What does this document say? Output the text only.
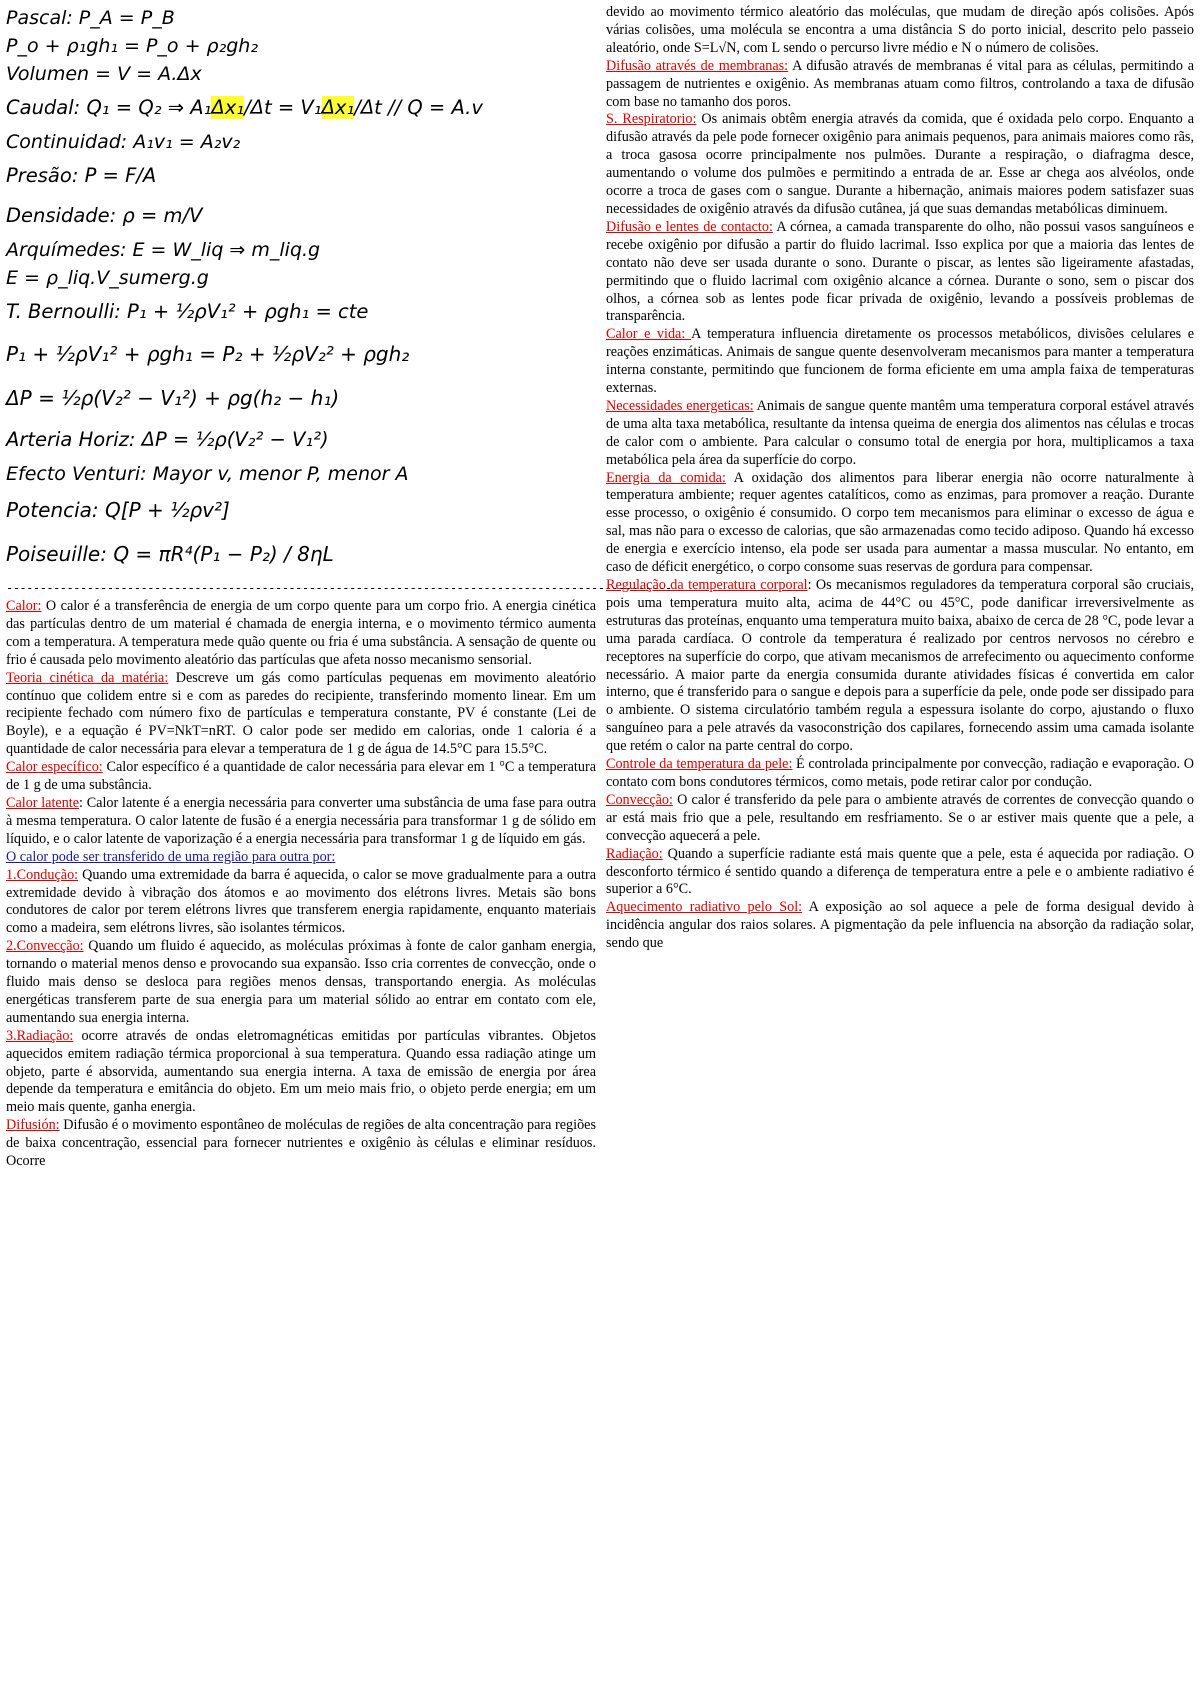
Pascal: P_A = P_B
P_o + ρ₁gh₁ = P_o + ρ₂gh₂
Volumen = V = A.Δx
Caudal: Q₁ = Q₂ ⇒ A₁Δx₁/Δt = V₁Δx₁/Δt // Q = A.v
Continuidad: A₁v₁ = A₂v₂
Presão: P = F/A
Densidade: ρ = m/V
Arquímedes: E = W_liq ⇒ m_liq.g
E = ρ_liq.V_sumerg.g
T. Bernoulli: P₁ + ½ρV₁² + ρgh₁ = cte
P₁ + ½ρV₁² + ρgh₁ = P₂ + ½ρV₂² + ρgh₂
ΔP = ½ρ(V₂² − V₁²) + ρg(h₂ − h₁)
Arteria Horiz: ΔP = ½ρ(V₂² − V₁²)
Efecto Venturi: Mayor v, menor P, menor A
Potencia: Q[P + ½ρv²]
Poiseuille: Q = πR⁴(P₁ − P₂) / 8ηL
---------------------------------------------------------------------------------------------------

Calor: O calor é a transferência de energia de um corpo quente para um corpo frio. A energia cinética das partículas dentro de um material é chamada de energia interna, e o movimento térmico aumenta com a temperatura. A temperatura mede quão quente ou fria é uma substância. A sensação de quente ou frio é causada pelo movimento aleatório das partículas que afeta nosso mecanismo sensorial.

Teoria cinética da matéria: Descreve um gás como partículas pequenas em movimento aleatório contínuo que colidem entre si e com as paredes do recipiente, transferindo momento linear. Em um recipiente fechado com número fixo de partículas e temperatura constante, PV é constante (Lei de Boyle), e a equação é PV=NkT=nRT. O calor pode ser medido em calorias, onde 1 caloria é a quantidade de calor necessária para elevar a temperatura de 1 g de água de 14.5°C para 15.5°C.

Calor específico: Calor específico é a quantidade de calor necessária para elevar em 1 °C a temperatura de 1 g de uma substância.

Calor latente: Calor latente é a energia necessária para converter uma substância de uma fase para outra à mesma temperatura. O calor latente de fusão é a energia necessária para transformar 1 g de sólido em líquido, e o calor latente de vaporização é a energia necessária para transformar 1 g de líquido em gás.

O calor pode ser transferido de uma região para outra por:

1.Condução: Quando uma extremidade da barra é aquecida, o calor se move gradualmente para a outra extremidade devido à vibração dos átomos e ao movimento dos elétrons livres. Metais são bons condutores de calor por terem elétrons livres que transferem energia rapidamente, enquanto materiais como a madeira, sem elétrons livres, são isolantes térmicos.

2.Convecção: Quando um fluido é aquecido, as moléculas próximas à fonte de calor ganham energia, tornando o material menos denso e provocando sua expansão. Isso cria correntes de convecção, onde o fluido mais denso se desloca para regiões menos densas, transportando energia. As moléculas energéticas transferem parte de sua energia para um material sólido ao entrar em contato com ele, aumentando sua energia interna.

3.Radiação: ocorre através de ondas eletromagnéticas emitidas por partículas vibrantes. Objetos aquecidos emitem radiação térmica proporcional à sua temperatura. Quando essa radiação atinge um objeto, parte é absorvida, aumentando sua energia interna. A taxa de emissão de energia por área depende da temperatura e emitância do objeto. Em um meio mais frio, o objeto perde energia; em um meio mais quente, ganha energia.

Difusión: Difusão é o movimento espontâneo de moléculas de regiões de alta concentração para regiões de baixa concentração, essencial para fornecer nutrientes e oxigênio às células e eliminar resíduos. Ocorre

devido ao movimento térmico aleatório das moléculas, que mudam de direção após colisões. Após várias colisões, uma molécula se encontra a uma distância S do porto inicial, descrito pelo passeio aleatório, onde S=L√N, com L sendo o percurso livre médio e N o número de colisões.

Difusão através de membranas: A difusão através de membranas é vital para as células, permitindo a passagem de nutrientes e oxigênio. As membranas atuam como filtros, controlando a taxa de difusão com base no tamanho dos poros.

S. Respiratorio: Os animais obtêm energia através da comida, que é oxidada pelo corpo. Enquanto a difusão através da pele pode fornecer oxigênio para animais pequenos, para animais maiores como rãs, a troca gasosa ocorre principalmente nos pulmões. Durante a respiração, o diafragma desce, aumentando o volume dos pulmões e permitindo a entrada de ar. Esse ar chega aos alvéolos, onde ocorre a troca de gases com o sangue. Durante a hibernação, animais maiores podem satisfazer suas necessidades de oxigênio através da difusão cutânea, já que suas demandas metabólicas diminuem.

Difusão e lentes de contacto: A córnea, a camada transparente do olho, não possui vasos sanguíneos e recebe oxigênio por difusão a partir do fluido lacrimal. Isso explica por que a maioria das lentes de contato não deve ser usada durante o sono. Durante o piscar, as lentes são ligeiramente afastadas, permitindo que o fluido lacrimal com oxigênio alcance a córnea. Durante o sono, sem o piscar dos olhos, a córnea sob as lentes pode ficar privada de oxigênio, levando a possíveis problemas de transparência.

Calor e vida: A temperatura influencia diretamente os processos metabólicos, divisões celulares e reações enzimáticas. Animais de sangue quente desenvolveram mecanismos para manter a temperatura interna constante, permitindo que funcionem de forma eficiente em uma ampla faixa de temperaturas externas.

Necessidades energeticas: Animais de sangue quente mantêm uma temperatura corporal estável através de uma alta taxa metabólica, resultante da intensa queima de energia dos alimentos nas células e trocas de calor com o ambiente. Para calcular o consumo total de energia por hora, multiplicamos a taxa metabólica pela área da superfície do corpo.

Energia da comida: A oxidação dos alimentos para liberar energia não ocorre naturalmente à temperatura ambiente; requer agentes catalíticos, como as enzimas, para promover a reação. Durante esse processo, o oxigênio é consumido. O corpo tem mecanismos para eliminar o excesso de água e sal, mas não para o excesso de calorias, que são armazenadas como tecido adiposo. Quando há excesso de energia e exercício intenso, ela pode ser usada para aumentar a massa muscular. No entanto, em caso de déficit energético, o corpo consome suas reservas de gordura para compensar.

Regulação da temperatura corporal: Os mecanismos reguladores da temperatura corporal são cruciais, pois uma temperatura muito alta, acima de 44°C ou 45°C, pode danificar irreversivelmente as estruturas das proteínas, enquanto uma temperatura muito baixa, abaixo de cerca de 28 °C, pode levar a uma parada cardíaca. O controle da temperatura é realizado por centros nervosos no cérebro e receptores na superfície do corpo, que ativam mecanismos de arrefecimento ou aquecimento conforme necessário. A maior parte da energia consumida durante atividades físicas é convertida em calor interno, que é transferido para o sangue e depois para a superfície da pele, onde pode ser dissipado para o ambiente. O sistema circulatório também regula a espessura isolante do corpo, ajustando o fluxo sanguíneo para a pele através da vasoconstrição dos capilares, fornecendo assim uma camada isolante que retém o calor na parte central do corpo.

Controle da temperatura da pele: É controlada principalmente por convecção, radiação e evaporação. O contato com bons condutores térmicos, como metais, pode retirar calor por condução.

Convecção: O calor é transferido da pele para o ambiente através de correntes de convecção quando o ar está mais frio que a pele, resultando em resfriamento. Se o ar estiver mais quente que a pele, a convecção aquecerá a pele.

Radiação: Quando a superfície radiante está mais quente que a pele, esta é aquecida por radiação. O desconforto térmico é sentido quando a diferença de temperatura entre a pele e o ambiente radiativo é superior a 6°C.

Aquecimento radiativo pelo Sol: A exposição ao sol aquece a pele de forma desigual devido à incidência angular dos raios solares. A pigmentação da pele influencia na absorção da radiação solar, sendo que
